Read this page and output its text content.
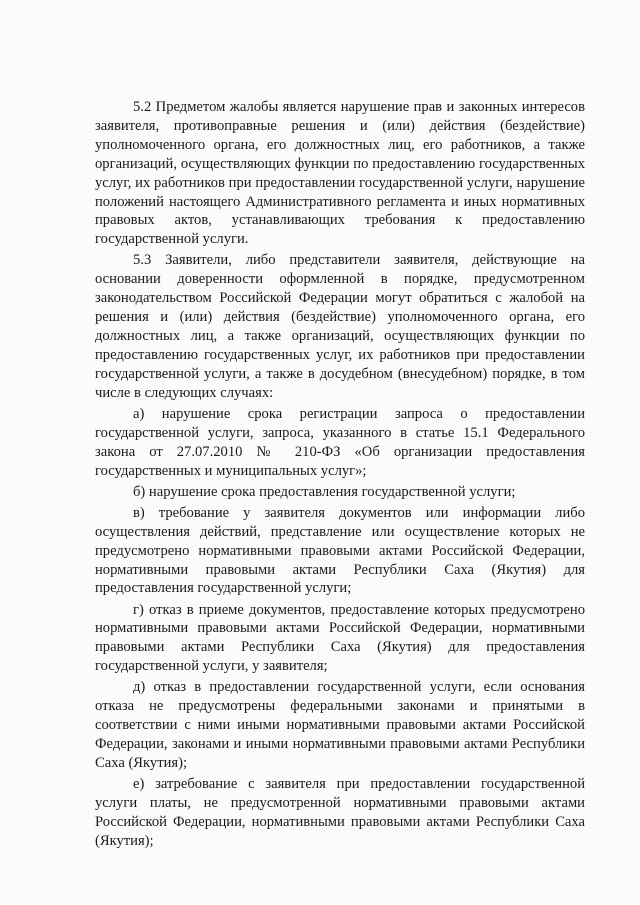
5.2 Предметом жалобы является нарушение прав и законных интересов заявителя, противоправные решения и (или) действия (бездействие) уполномоченного органа, его должностных лиц, его работников, а также организаций, осуществляющих функции по предоставлению государственных услуг, их работников при предоставлении государственной услуги, нарушение положений настоящего Административного регламента и иных нормативных правовых актов, устанавливающих требования к предоставлению государственной услуги.

5.3 Заявители, либо представители заявителя, действующие на основании доверенности оформленной в порядке, предусмотренном законодательством Российской Федерации могут обратиться с жалобой на решения и (или) действия (бездействие) уполномоченного органа, его должностных лиц, а также организаций, осуществляющих функции по предоставлению государственных услуг, их работников при предоставлении государственной услуги, а также в досудебном (внесудебном) порядке, в том числе в следующих случаях:

а) нарушение срока регистрации запроса о предоставлении государственной услуги, запроса, указанного в статье 15.1 Федерального закона от 27.07.2010 № 210-ФЗ «Об организации предоставления государственных и муниципальных услуг»;

б) нарушение срока предоставления государственной услуги;

в) требование у заявителя документов или информации либо осуществления действий, представление или осуществление которых не предусмотрено нормативными правовыми актами Российской Федерации, нормативными правовыми актами Республики Саха (Якутия) для предоставления государственной услуги;

г) отказ в приеме документов, предоставление которых предусмотрено нормативными правовыми актами Российской Федерации, нормативными правовыми актами Республики Саха (Якутия) для предоставления государственной услуги, у заявителя;

д) отказ в предоставлении государственной услуги, если основания отказа не предусмотрены федеральными законами и принятыми в соответствии с ними иными нормативными правовыми актами Российской Федерации, законами и иными нормативными правовыми актами Республики Саха (Якутия);

е) затребование с заявителя при предоставлении государственной услуги платы, не предусмотренной нормативными правовыми актами Российской Федерации, нормативными правовыми актами Республики Саха (Якутия);
